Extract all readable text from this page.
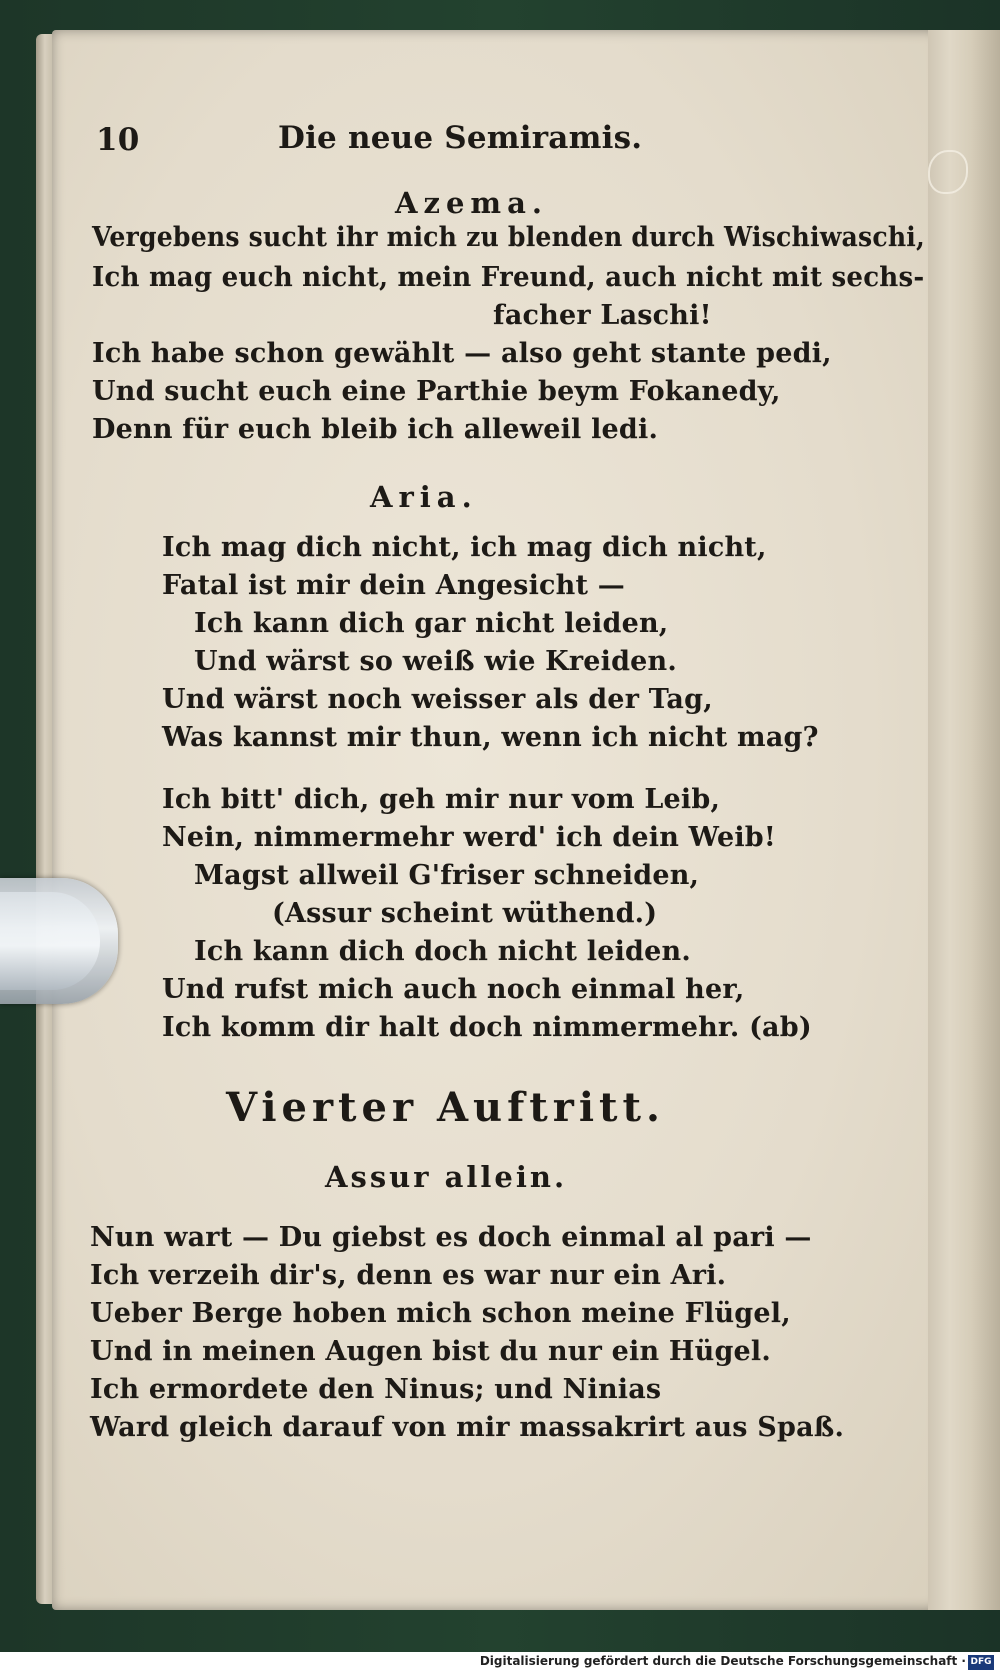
10	Die neue Semiramis.
Azema.
Vergebens sucht ihr mich zu blenden durch Wischiwaschi,
Ich mag euch nicht, mein Freund, auch nicht mit sechs-
facher Laschi!
Ich habe schon gewählt — also geht stante pedi,
Und sucht euch eine Parthie beym Fokanedy,
Denn für euch bleib ich alleweil ledi.
Aria.
Ich mag dich nicht, ich mag dich nicht,
Fatal ist mir dein Angesicht —
Ich kann dich gar nicht leiden,
Und wärst so weiß wie Kreiden.
Und wärst noch weisser als der Tag,
Was kannst mir thun, wenn ich nicht mag?
Ich bitt' dich, geh mir nur vom Leib,
Nein, nimmermehr werd' ich dein Weib!
Magst allweil G'friser schneiden,
(Assur scheint wüthend.)
Ich kann dich doch nicht leiden.
Und rufst mich auch noch einmal her,
Ich komm dir halt doch nimmermehr. (ab)
Vierter Auftritt.
Assur allein.
Nun wart — Du giebst es doch einmal al pari —
Ich verzeih dir's, denn es war nur ein Ari.
Ueber Berge hoben mich schon meine Flügel,
Und in meinen Augen bist du nur ein Hügel.
Ich ermordete den Ninus; und Ninias
Ward gleich darauf von mir massakrirt aus Spaß.
Digitalisierung gefördert durch die Deutsche Forschungsgemeinschaft · DFG
